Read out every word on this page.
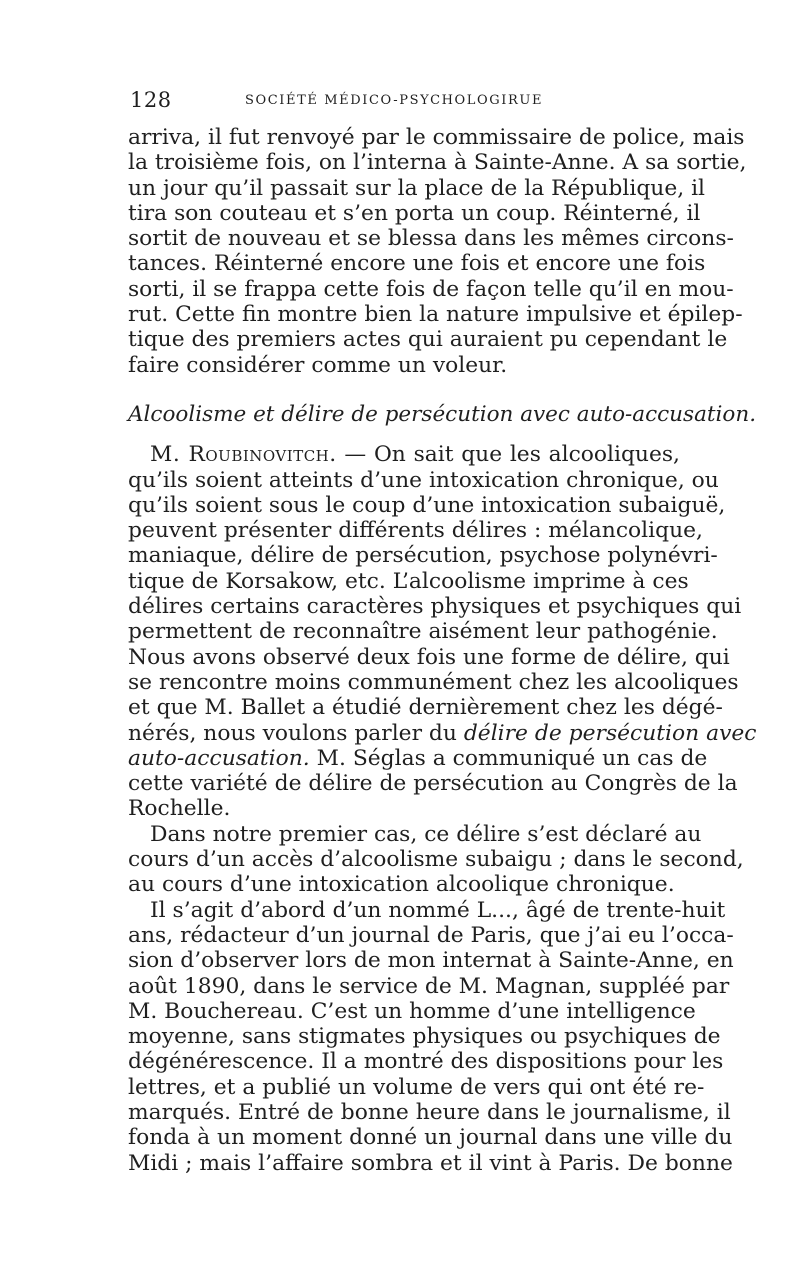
128	SOCIÉTÉ MÉDICO-PSYCHOLOGIRUE
arriva, il fut renvoyé par le commissaire de police, mais
la troisième fois, on l’interna à Sainte-Anne. A sa sortie,
un jour qu’il passait sur la place de la République, il
tira son couteau et s’en porta un coup. Réinterné, il
sortit de nouveau et se blessa dans les mêmes circons-
tances. Réinterné encore une fois et encore une fois
sorti, il se frappa cette fois de façon telle qu’il en mou-
rut. Cette fin montre bien la nature impulsive et épilep-
tique des premiers actes qui auraient pu cependant le
faire considérer comme un voleur.
Alcoolisme et délire de persécution avec auto-accusation.
M. Roubinovitch. — On sait que les alcooliques,
qu’ils soient atteints d’une intoxication chronique, ou
qu’ils soient sous le coup d’une intoxication subaiguë,
peuvent présenter différents délires : mélancolique,
maniaque, délire de persécution, psychose polynévri-
tique de Korsakow, etc. L’alcoolisme imprime à ces
délires certains caractères physiques et psychiques qui
permettent de reconnaître aisément leur pathogénie.
Nous avons observé deux fois une forme de délire, qui
se rencontre moins communément chez les alcooliques
et que M. Ballet a étudié dernièrement chez les dégé-
nérés, nous voulons parler du délire de persécution avec
auto-accusation. M. Séglas a communiqué un cas de
cette variété de délire de persécution au Congrès de la
Rochelle.
Dans notre premier cas, ce délire s’est déclaré au
cours d’un accès d’alcoolisme subaigu ; dans le second,
au cours d’une intoxication alcoolique chronique.
Il s’agit d’abord d’un nommé L..., âgé de trente-huit
ans, rédacteur d’un journal de Paris, que j’ai eu l’occa-
sion d’observer lors de mon internat à Sainte-Anne, en
août 1890, dans le service de M. Magnan, suppléé par
M. Bouchereau. C’est un homme d’une intelligence
moyenne, sans stigmates physiques ou psychiques de
dégénérescence. Il a montré des dispositions pour les
lettres, et a publié un volume de vers qui ont été re-
marqués. Entré de bonne heure dans le journalisme, il
fonda à un moment donné un journal dans une ville du
Midi ; mais l’affaire sombra et il vint à Paris. De bonne
